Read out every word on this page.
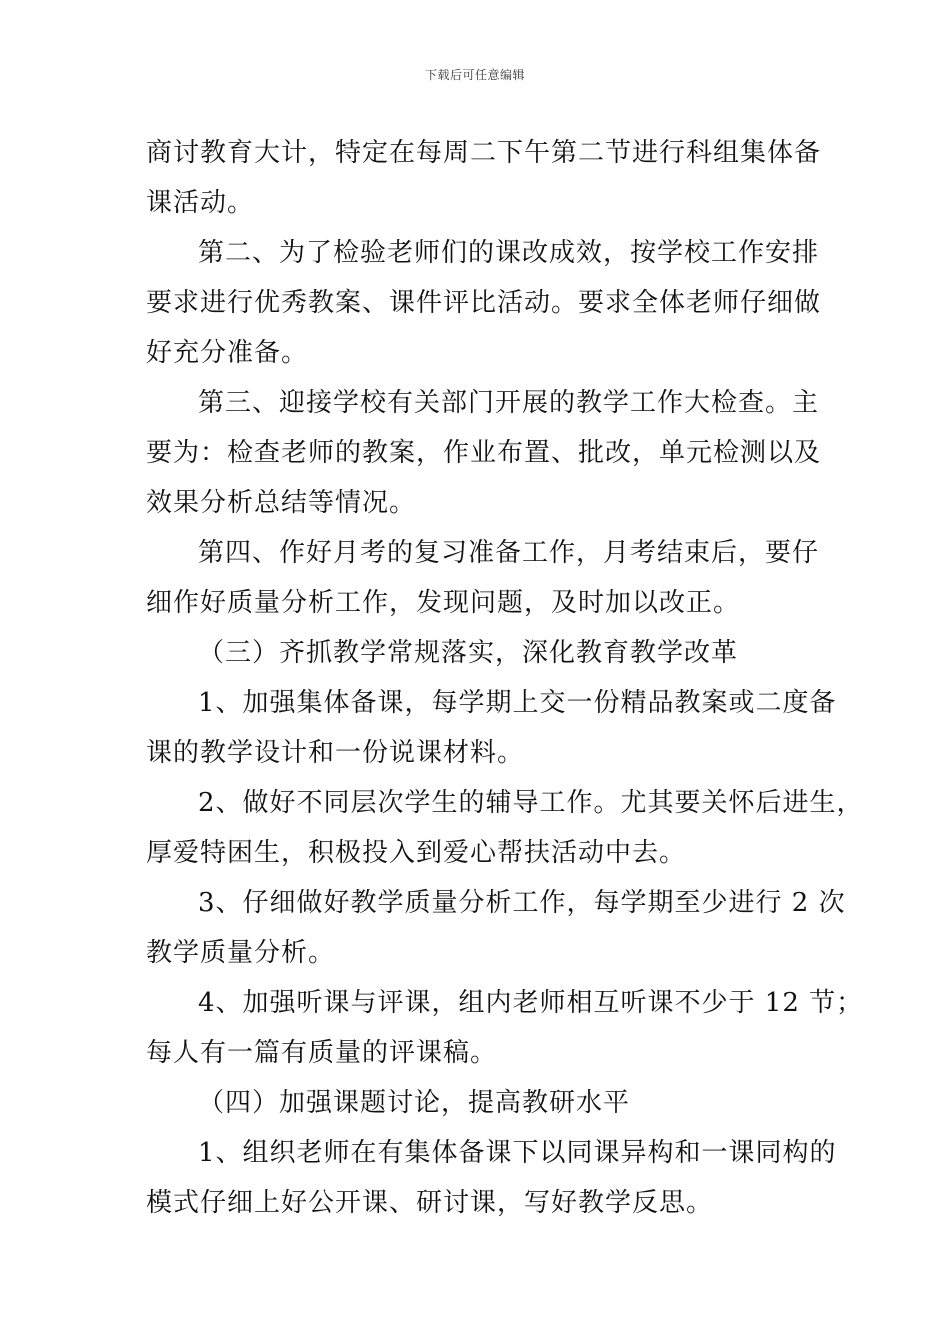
下载后可任意编辑
商讨教育大计，特定在每周二下午第二节进行科组集体备
课活动。
第二、为了检验老师们的课改成效，按学校工作安排
要求进行优秀教案、课件评比活动。要求全体老师仔细做
好充分准备。
第三、迎接学校有关部门开展的教学工作大检查。主
要为：检查老师的教案，作业布置、批改，单元检测以及
效果分析总结等情况。
第四、作好月考的复习准备工作，月考结束后，要仔
细作好质量分析工作，发现问题，及时加以改正。
（三）齐抓教学常规落实，深化教育教学改革
1、加强集体备课，每学期上交一份精品教案或二度备
课的教学设计和一份说课材料。
2、做好不同层次学生的辅导工作。尤其要关怀后进生，
厚爱特困生，积极投入到爱心帮扶活动中去。
3、仔细做好教学质量分析工作，每学期至少进行 2 次
教学质量分析。
4、加强听课与评课，组内老师相互听课不少于 12 节；
每人有一篇有质量的评课稿。
（四）加强课题讨论，提高教研水平
1、组织老师在有集体备课下以同课异构和一课同构的
模式仔细上好公开课、研讨课，写好教学反思。
